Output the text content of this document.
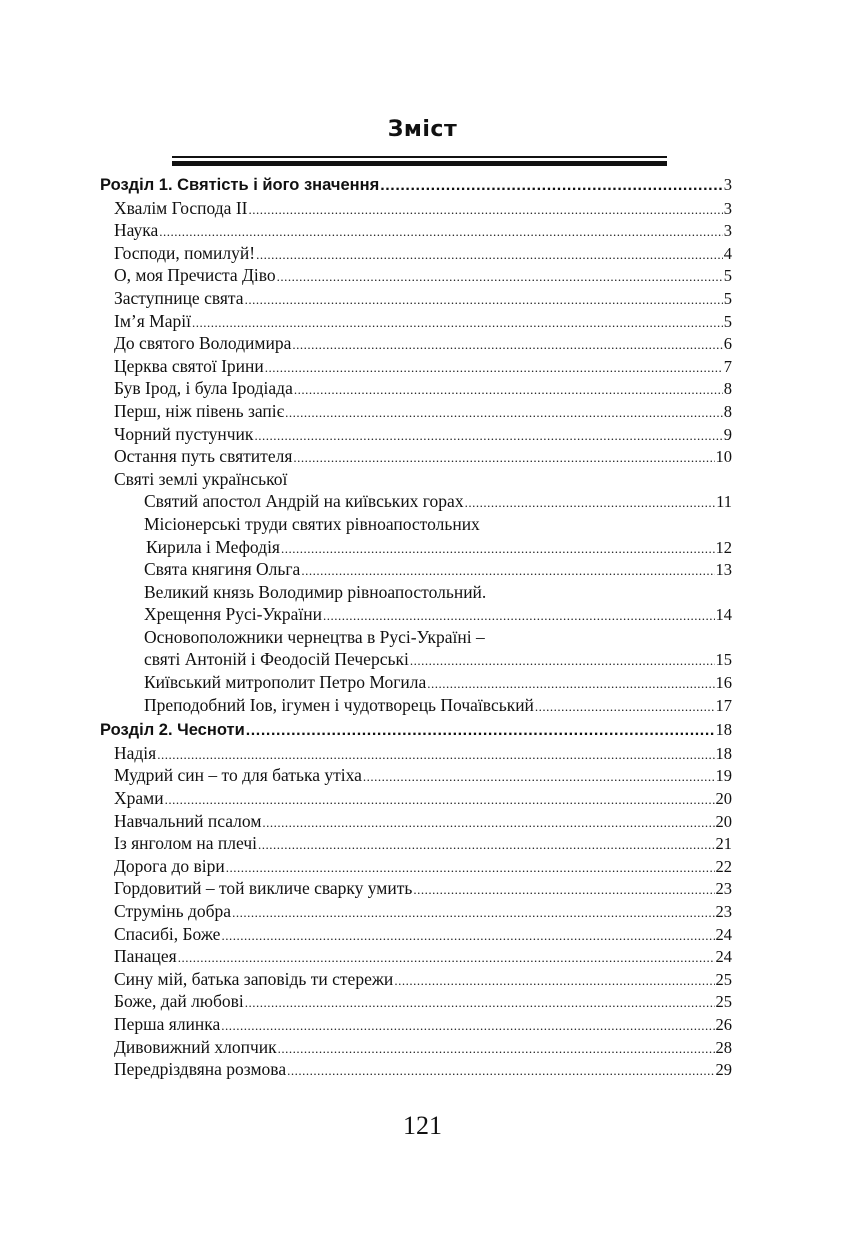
Зміст
Розділ 1. Святість і його значення .....	3
Хвалім Господа ІІ .....	3
Наука .....	3
Господи, помилуй! .....	4
О, моя Пречиста Діво .....	5
Заступнице свята .....	5
Ім’я Марії .....	5
До святого Володимира .....	6
Церква святої Ірини .....	7
Був Ірод, і була Іродіада .....	8
Перш, ніж півень запіє .....	8
Чорний пустунчик .....	9
Остання путь святителя .....	10
Святі землі української
Святий апостол Андрій на київських горах .....	11
Місіонерські труди святих рівноапостольних
Кирила і Мефодія .....	12
Свята княгиня Ольга .....	13
Великий князь Володимир рівноапостольний.
Хрещення Русі-України .....	14
Основоположники чернецтва в Русі-Україні –
святі Антоній і Феодосій Печерські .....	15
Київський митрополит Петро Могила .....	16
Преподобний Іов, ігумен і чудотворець Почаївський .....	17
Розділ 2. Чесноти .....	18
Надія .....	18
Мудрий син – то для батька утіха .....	19
Храми .....	20
Навчальний псалом .....	20
Із янголом на плечі .....	21
Дорога до віри .....	22
Гордовитий – той викличе сварку умить .....	23
Струмінь добра .....	23
Спасибі, Боже .....	24
Панацея .....	24
Сину мій, батька заповідь ти стережи .....	25
Боже, дай любові .....	25
Перша ялинка .....	26
Дивовижний хлопчик .....	28
Передріздвяна розмова .....	29
121
